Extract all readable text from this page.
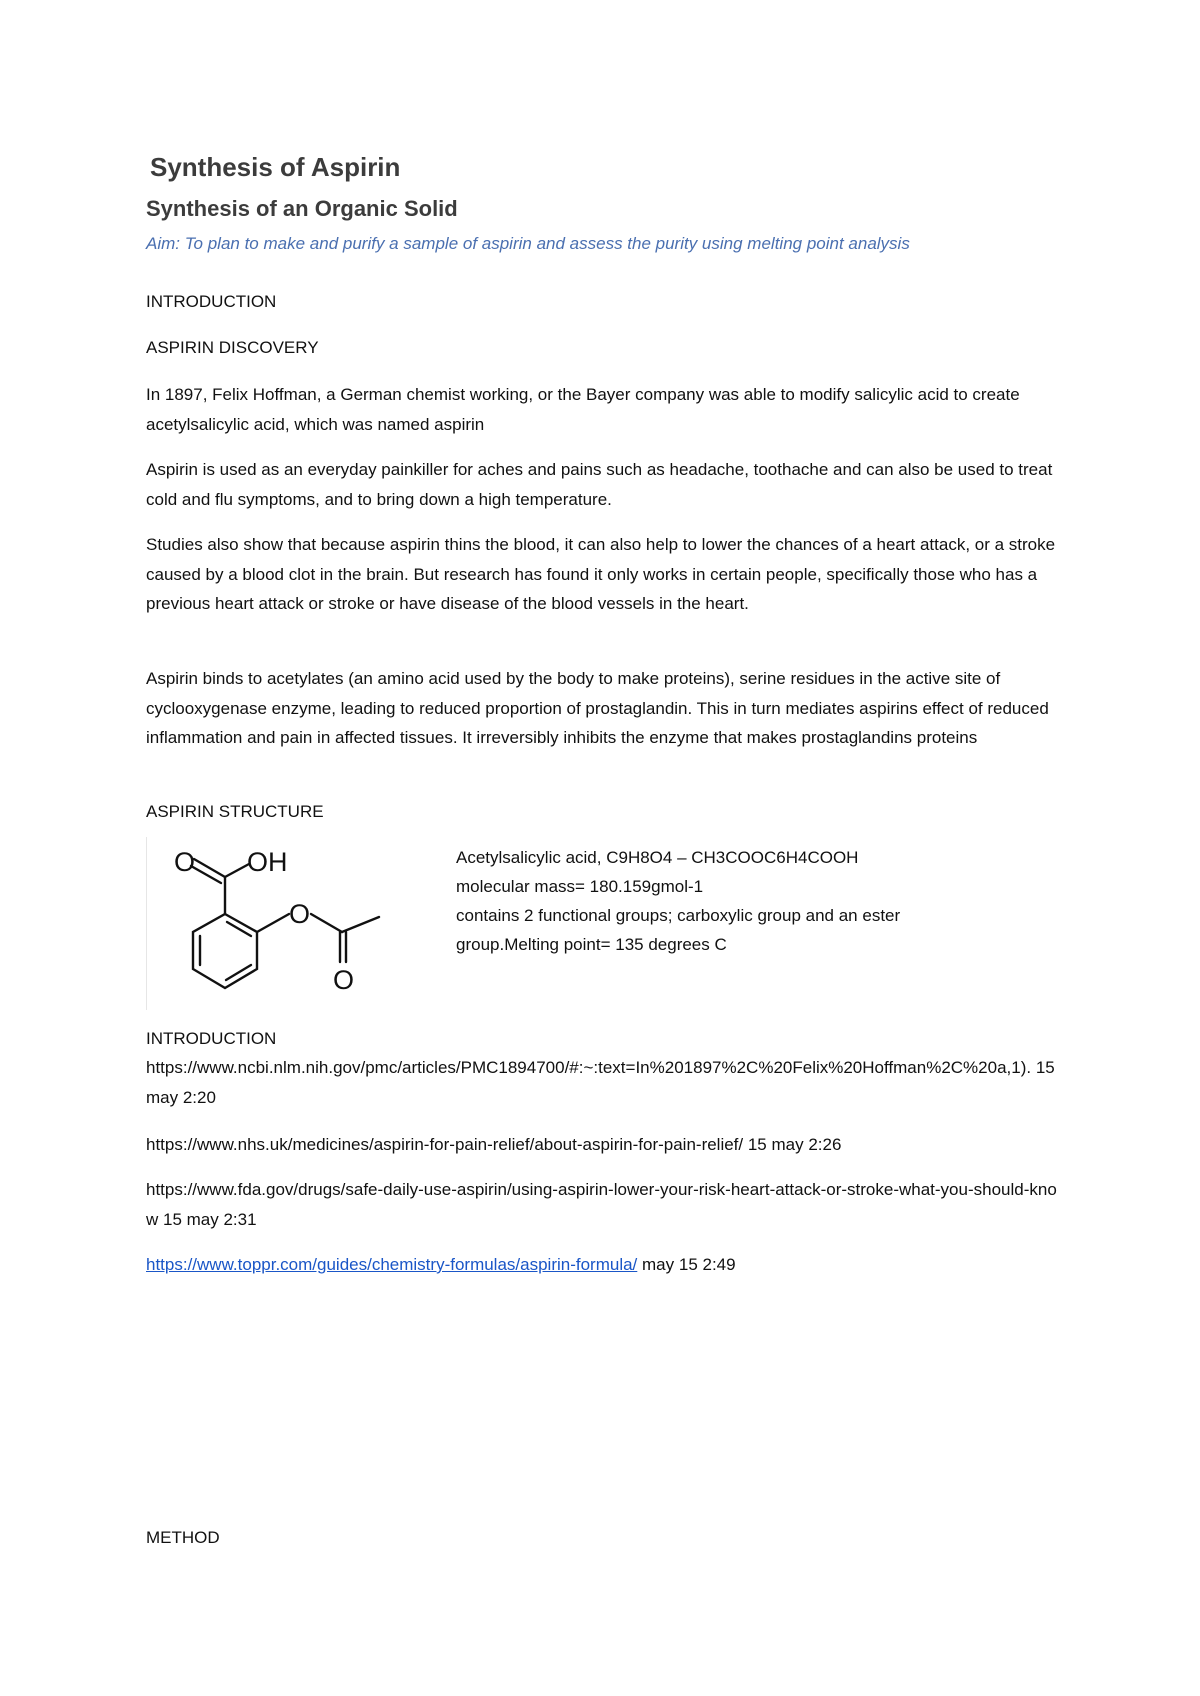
Synthesis of Aspirin
Synthesis of an Organic Solid
Aim: To plan to make and purify a sample of aspirin and assess the purity using melting point analysis
INTRODUCTION
ASPIRIN DISCOVERY

In 1897, Felix Hoffman, a German chemist working, or the Bayer company was able to modify salicylic acid to create acetylsalicylic acid, which was named aspirin

Aspirin is used as an everyday painkiller for aches and pains such as headache, toothache and can also be used to treat cold and flu symptoms, and to bring down a high temperature.

Studies also show that because aspirin thins the blood, it can also help to lower the chances of a heart attack, or a stroke caused by a blood clot in the brain. But research has found it only works in certain people, specifically those who has a previous heart attack or stroke or have disease of the blood vessels in the heart.

Aspirin binds to acetylates (an amino acid used by the body to make proteins), serine residues in the active site of cyclooxygenase enzyme, leading to reduced proportion of prostaglandin. This in turn mediates aspirins effect of reduced inflammation and pain in affected tissues. It irreversibly inhibits the enzyme that makes prostaglandins proteins

ASPIRIN STRUCTURE
O OH
O
O
Acetylsalicylic acid, C9H8O4 – CH3COOC6H4COOH
molecular mass= 180.159gmol-1
contains 2 functional groups; carboxylic group and an ester
group.Melting point= 135 degrees C
INTRODUCTION
https://www.ncbi.nlm.nih.gov/pmc/articles/PMC1894700/#:~:text=In%201897%2C%20Felix%20Hoffman%2C%20a,1). 15 may 2:20
https://www.nhs.uk/medicines/aspirin-for-pain-relief/about-aspirin-for-pain-relief/ 15 may 2:26
https://www.fda.gov/drugs/safe-daily-use-aspirin/using-aspirin-lower-your-risk-heart-attack-or-stroke-what-you-should-know 15 may 2:31
https://www.toppr.com/guides/chemistry-formulas/aspirin-formula/ may 15 2:49
METHOD
